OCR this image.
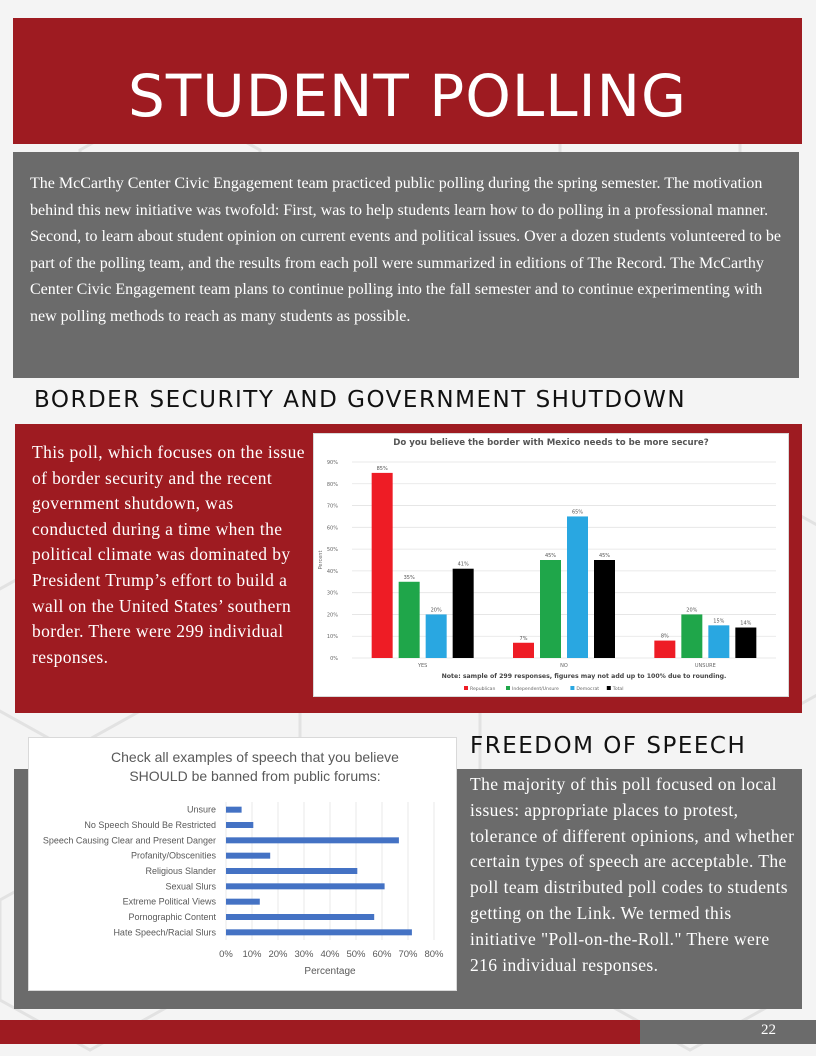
STUDENT POLLING

The McCarthy Center Civic Engagement team practiced public polling during the spring semester. The motivation behind this new initiative was twofold: First, was to help students learn how to do polling in a professional manner. Second, to learn about student opinion on current events and political issues. Over a dozen students volunteered to be part of the polling team, and the results from each poll were summarized in editions of The Record. The McCarthy Center Civic Engagement team plans to continue polling into the fall semester and to continue experimenting with new polling methods to reach as many students as possible.

BORDER SECURITY AND GOVERNMENT SHUTDOWN

This poll, which focuses on the issue of border security and the recent government shutdown, was conducted during a time when the political climate was dominated by President Trump’s effort to build a wall on the United States’ southern border. There were 299 individual responses.

Do you believe the border with Mexico needs to be more secure?
0%
10%
20%
30%
40%
50%
60%
70%
80%
90%
Percent
85%
35%
20%
41%
YES
7%
45%
65%
45%
NO
8%
20%
15%	14%
UNSURE
Note: sample of 299 responses, figures may not add up to 100% due to rounding.
Republican	Independent/Unsure	Democrat	Total
FREEDOM OF SPEECH

The majority of this poll focused on local issues: appropriate places to protest, tolerance of different opinions, and whether certain types of speech are acceptable. The poll team distributed poll codes to students getting on the Link. We termed this initiative "Poll-on-the-Roll." There were 216 individual responses.

Check all examples of speech that you believe
SHOULD be banned from public forums:
0% 10% 20% 30% 40% 50% 60% 70% 80%
Unsure
No Speech Should Be Restricted
Speech Causing Clear and Present Danger
Profanity/Obscenities
Religious Slander
Sexual Slurs
Extreme Political Views
Pornographic Content
Hate Speech/Racial Slurs
Percentage
22
